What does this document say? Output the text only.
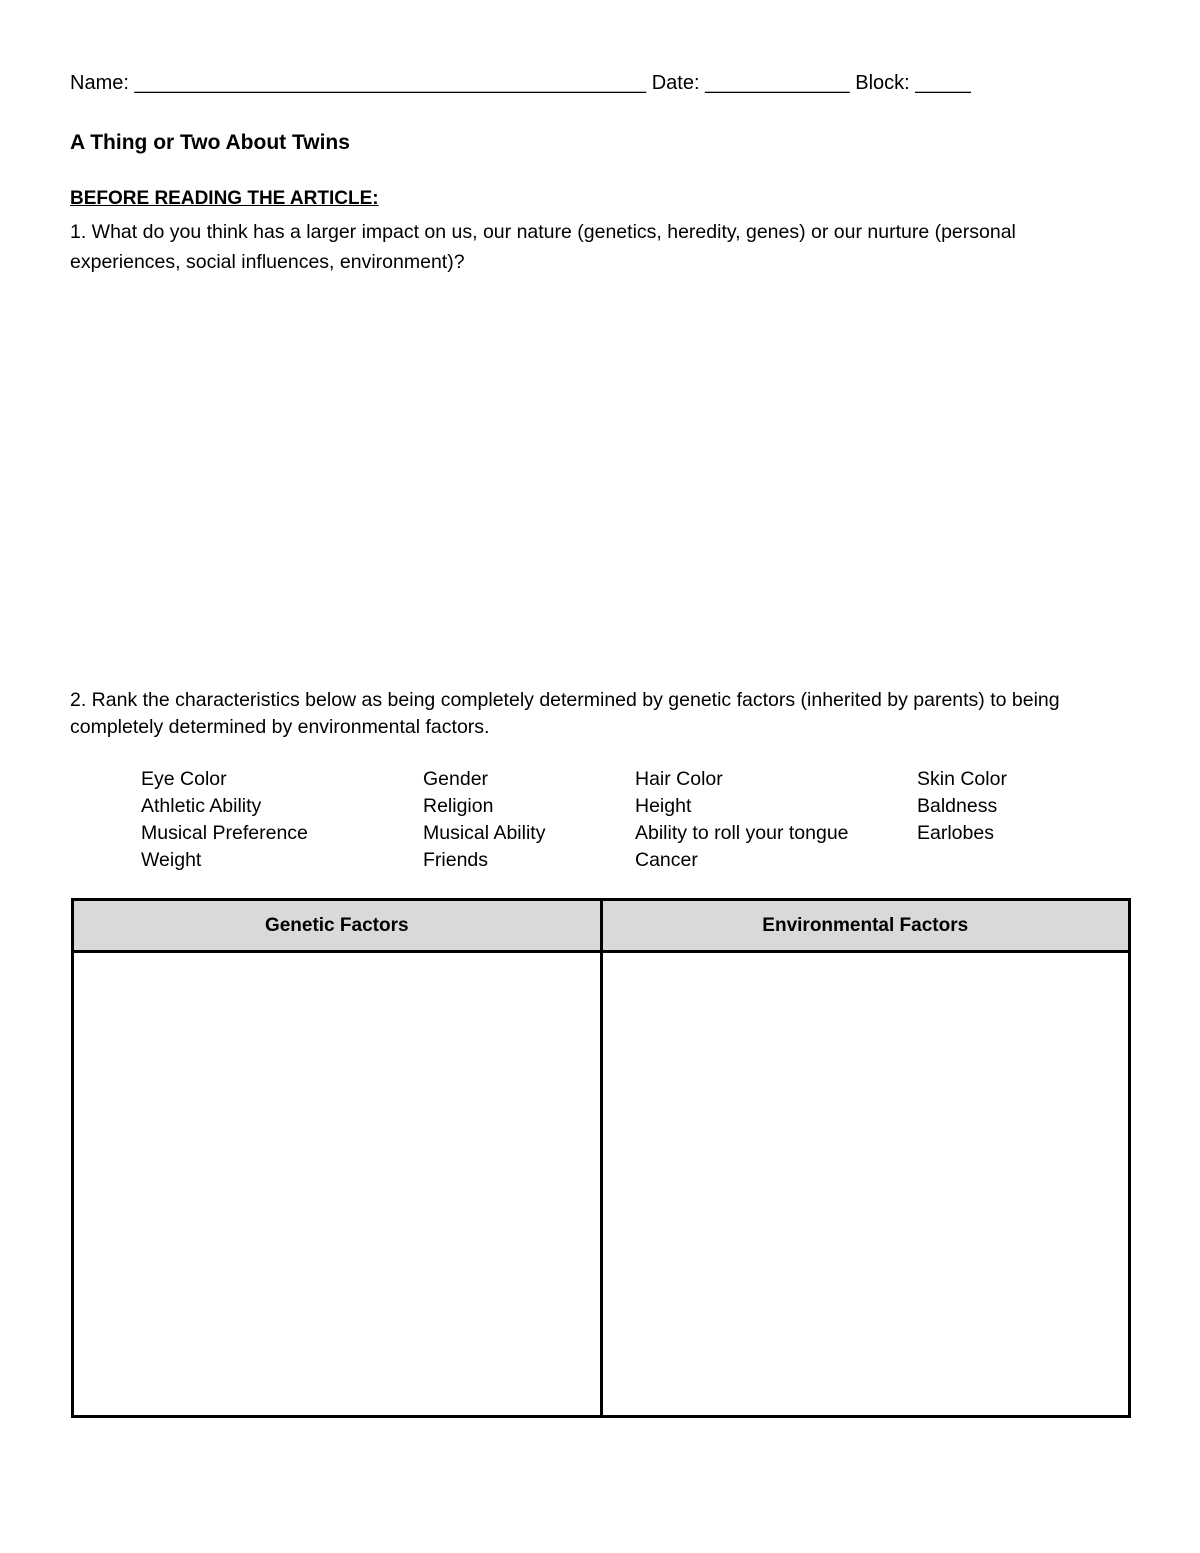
Name: ______________________________________________ Date: _____________ Block: _____
A Thing or Two About Twins
BEFORE READING THE ARTICLE:
1. What do you think has a larger impact on us, our nature (genetics, heredity, genes) or our nurture (personal experiences, social influences, environment)?
2. Rank the characteristics below as being completely determined by genetic factors (inherited by parents) to being completely determined by environmental factors.
Eye Color	Gender	Hair Color	Skin Color
Athletic Ability	Religion	Height	Baldness
Musical Preference	Musical Ability	Ability to roll your tongue	Earlobes
Weight	Friends	Cancer
Genetic Factors	Environmental Factors
